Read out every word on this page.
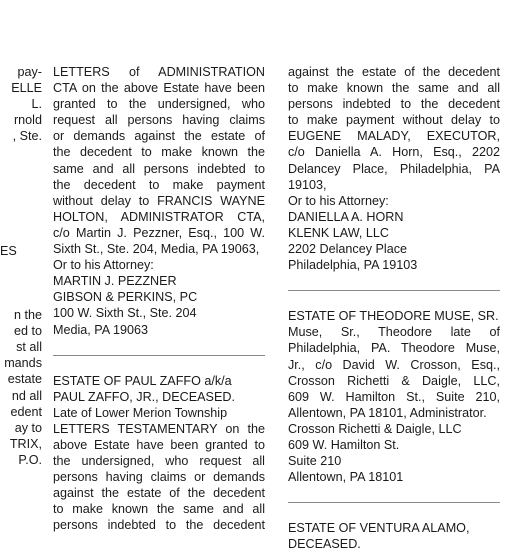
pay-
ELLE
L.
rnold
, Ste.
ES
n the
ed to
st all
mands
estate
nd all
edent
ay to
TRIX,
P.O.
LETTERS of ADMINISTRATION
CTA on the above Estate have been
granted to the undersigned, who
request all persons having claims
or demands against the estate of
the decedent to make known the
same and all persons indebted to
the decedent to make payment
without delay to FRANCIS WAYNE
HOLTON, ADMINISTRATOR CTA,
c/o Martin J. Pezzner, Esq., 100 W.
Sixth St., Ste. 204, Media, PA 19063,
Or to his Attorney:
MARTIN J. PEZZNER
GIBSON & PERKINS, PC
100 W. Sixth St., Ste. 204
Media, PA 19063
ESTATE OF PAUL ZAFFO a/k/a
PAUL ZAFFO, JR., DECEASED.
Late of Lower Merion Township
LETTERS TESTAMENTARY on the
above Estate have been granted to
the undersigned, who request all
persons having claims or demands
against the estate of the decedent
to make known the same and all
persons indebted to the decedent
against the estate of the decedent
to make known the same and all
persons indebted to the decedent
to make payment without delay to
EUGENE MALADY, EXECUTOR,
c/o Daniella A. Horn, Esq., 2202
Delancey Place, Philadelphia, PA
19103,
Or to his Attorney:
DANIELLA A. HORN
KLENK LAW, LLC
2202 Delancey Place
Philadelphia, PA 19103
ESTATE OF THEODORE MUSE, SR.
Muse, Sr., Theodore late of
Philadelphia, PA. Theodore Muse,
Jr., c/o David W. Crosson, Esq.,
Crosson Richetti & Daigle, LLC,
609 W. Hamilton St., Suite 210,
Allentown, PA 18101, Administrator.
Crosson Richetti & Daigle, LLC
609 W. Hamilton St.
Suite 210
Allentown, PA 18101
ESTATE OF VENTURA ALAMO,
DECEASED.
